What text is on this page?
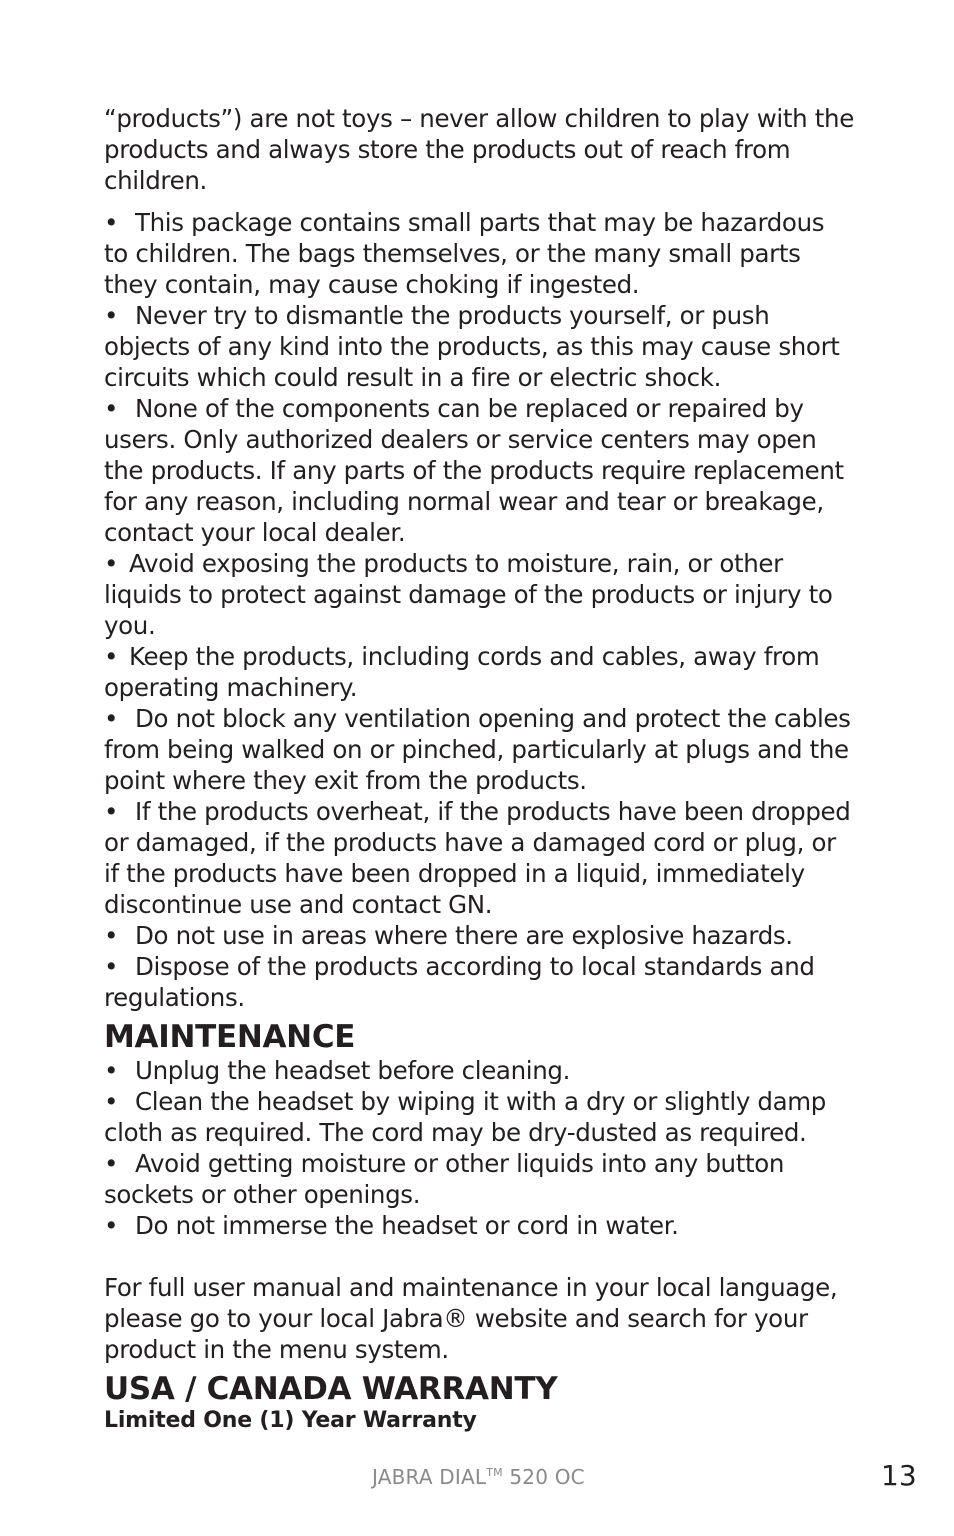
“products”) are not toys – never allow children to play with the products and always store the products out of reach from children.

• This package contains small parts that may be hazardous to children. The bags themselves, or the many small parts they contain, may cause choking if ingested.

• Never try to dismantle the products yourself, or push objects of any kind into the products, as this may cause short circuits which could result in a fire or electric shock.

• None of the components can be replaced or repaired by users. Only authorized dealers or service centers may open the products. If any parts of the products require replacement for any reason, including normal wear and tear or breakage, contact your local dealer.

• Avoid exposing the products to moisture, rain, or other liquids to protect against damage of the products or injury to you.

• Keep the products, including cords and cables, away from operating machinery.

• Do not block any ventilation opening and protect the cables from being walked on or pinched, particularly at plugs and the point where they exit from the products.

• If the products overheat, if the products have been dropped or damaged, if the products have a damaged cord or plug, or if the products have been dropped in a liquid, immediately discontinue use and contact GN.

• Do not use in areas where there are explosive hazards.

• Dispose of the products according to local standards and regulations.

MAINTENANCE

• Unplug the headset before cleaning.

• Clean the headset by wiping it with a dry or slightly damp cloth as required. The cord may be dry-dusted as required.

• Avoid getting moisture or other liquids into any button sockets or other openings.

• Do not immerse the headset or cord in water.

For full user manual and maintenance in your local language, please go to your local Jabra® website and search for your product in the menu system.

USA / CANADA WARRANTY

Limited One (1) Year Warranty

JABRA DIAL™ 520 OC	13
